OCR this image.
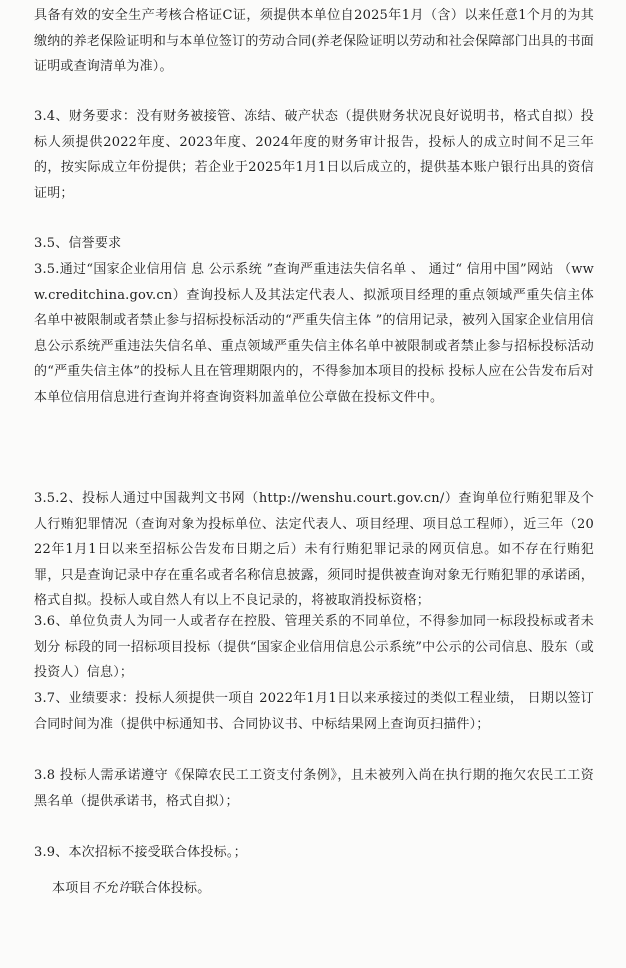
具备有效的安全生产考核合格证C证，须提供本单位自2025年1月（含）以来任意1个月的为其缴纳的养老保险证明和与本单位签订的劳动合同(养老保险证明以劳动和社会保障部门出具的书面证明或查询清单为准）。
3.4、财务要求：没有财务被接管、冻结、破产状态（提供财务状况良好说明书，格式自拟）投标人须提供2022年度、2023年度、2024年度的财务审计报告，投标人的成立时间不足三年的，按实际成立年份提供；若企业于2025年1月1日以后成立的，提供基本账户银行出具的资信证明；
3.5、信誉要求
3.5.通过“国家企业信用信 息 公示系统 ”查询严重违法失信名单 、 通过“ 信用中国”网站 （www.creditchina.gov.cn）查询投标人及其法定代表人、拟派项目经理的重点领域严重失信主体名单中被限制或者禁止参与招标投标活动的“严重失信主体 ”的信用记录，被列入国家企业信用信息公示系统严重违法失信名单、重点领域严重失信主体名单中被限制或者禁止参与招标投标活动的“严重失信主体”的投标人且在管理期限内的，不得参加本项目的投标 投标人应在公告发布后对本单位信用信息进行查询并将查询资料加盖单位公章做在投标文件中。
3.5.2、投标人通过中国裁判文书网（http://wenshu.court.gov.cn/）查询单位行贿犯罪及个人行贿犯罪情况（查询对象为投标单位、法定代表人、项目经理、项目总工程师），近三年（2022年1月1日以来至招标公告发布日期之后）未有行贿犯罪记录的网页信息。如不存在行贿犯罪，只是查询记录中存在重名或者名称信息披露，须同时提供被查询对象无行贿犯罪的承诺函，格式自拟。投标人或自然人有以上不良记录的，将被取消投标资格；
3.6、单位负责人为同一人或者存在控股、管理关系的不同单位，不得参加同一标段投标或者未划分 标段的同一招标项目投标（提供“国家企业信用信息公示系统”中公示的公司信息、股东（或投资人）信息）；
3.7、业绩要求：投标人须提供一项自 2022年1月1日以来承接过的类似工程业绩， 日期以签订合同时间为准（提供中标通知书、合同协议书、中标结果网上查询页扫描件）；
3.8 投标人需承诺遵守《保障农民工工资支付条例》，且未被列入尚在执行期的拖欠农民工工资黑名单（提供承诺书，格式自拟）；
3.9、本次招标不接受联合体投标。；
本项目不允许联合体投标。
